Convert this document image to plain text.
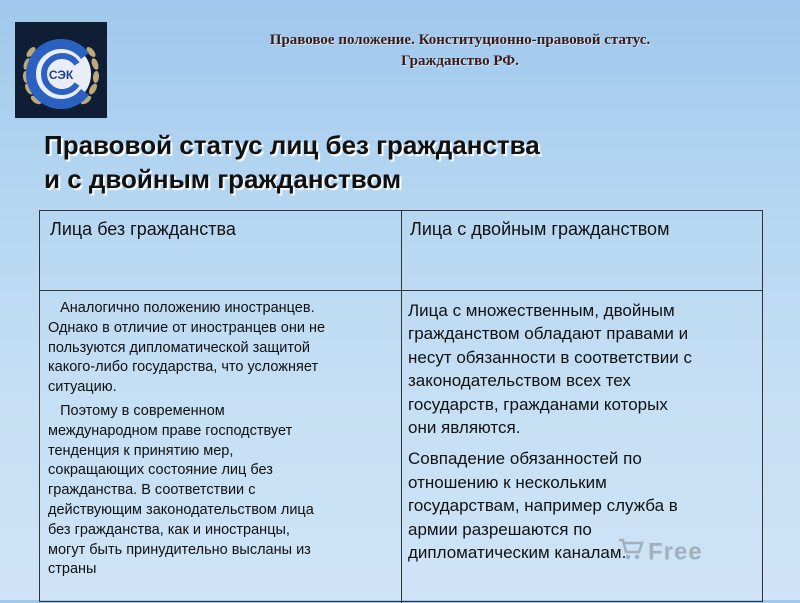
СЭК
Правовое положение. Конституционно-правовой статус.
Гражданство РФ.
Правовой статус лиц без гражданства
и с двойным гражданством
Лица без гражданства	Лица с двойным гражданством
Аналогично положению иностранцев.
Однако в отличие от иностранцев они не
пользуются дипломатической защитой
какого-либо государства, что усложняет
ситуацию.
Поэтому в современном
международном праве господствует
тенденция к принятию мер,
сокращающих состояние лиц без
гражданства. В соответствии с
действующим законодательством лица
без гражданства, как и иностранцы,
могут быть принудительно высланы из
страны
Лица с множественным, двойным
гражданством обладают правами и
несут обязанности в соответствии с
законодательством всех тех
государств, гражданами которых
они являются.
Совпадение обязанностей по
отношению к нескольким
государствам, например служба в
армии разрешаются по
дипломатическим каналам. Free
